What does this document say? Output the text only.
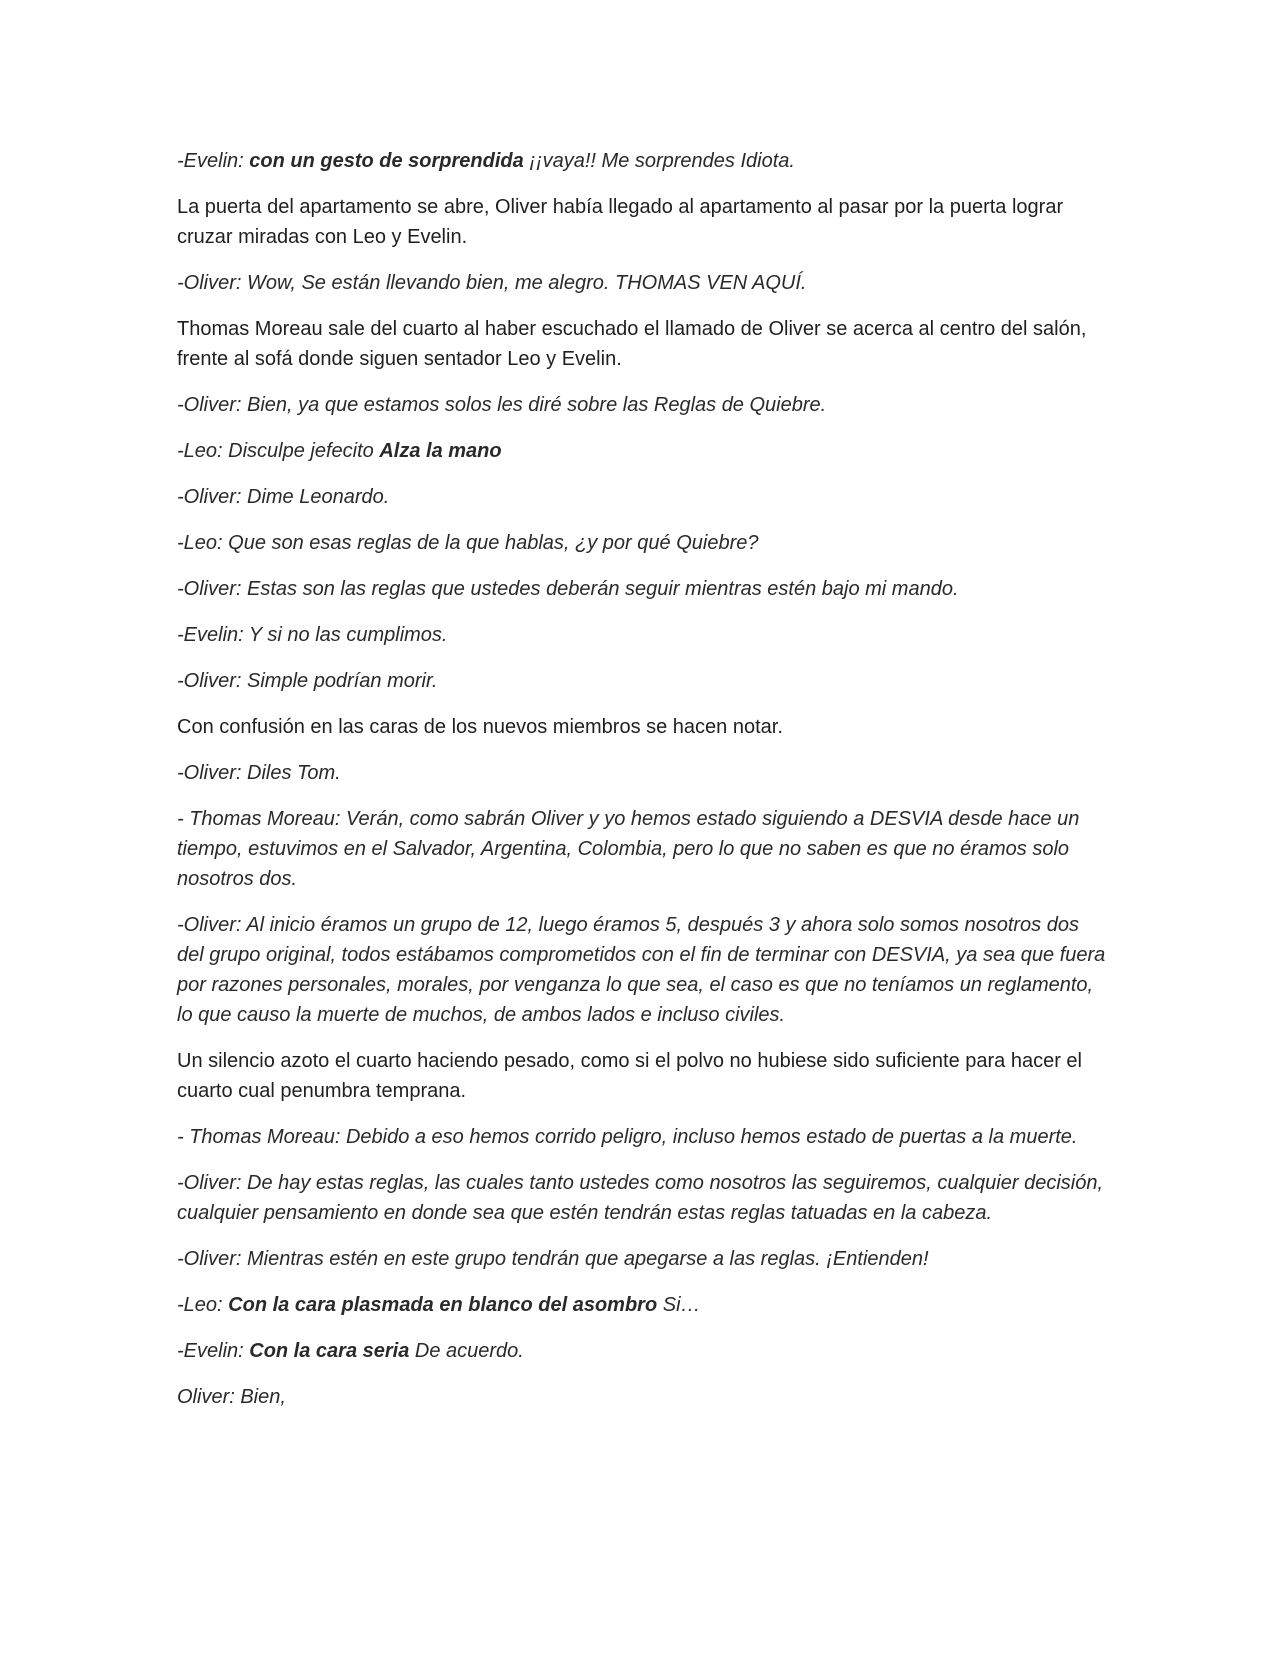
-Evelin: con un gesto de sorprendida ¡¡vaya!! Me sorprendes Idiota.

La puerta del apartamento se abre, Oliver había llegado al apartamento al pasar por la puerta lograr cruzar miradas con Leo y Evelin.

-Oliver: Wow, Se están llevando bien, me alegro. THOMAS VEN AQUÍ.

Thomas Moreau sale del cuarto al haber escuchado el llamado de Oliver se acerca al centro del salón, frente al sofá donde siguen sentador Leo y Evelin.

-Oliver: Bien, ya que estamos solos les diré sobre las Reglas de Quiebre.

-Leo: Disculpe jefecito Alza la mano

-Oliver: Dime Leonardo.

-Leo: Que son esas reglas de la que hablas, ¿y por qué Quiebre?

-Oliver: Estas son las reglas que ustedes deberán seguir mientras estén bajo mi mando.

-Evelin: Y si no las cumplimos.

-Oliver: Simple podrían morir.

Con confusión en las caras de los nuevos miembros se hacen notar.

-Oliver: Diles Tom.

- Thomas Moreau: Verán, como sabrán Oliver y yo hemos estado siguiendo a DESVIA desde hace un tiempo, estuvimos en el Salvador, Argentina, Colombia, pero lo que no saben es que no éramos solo nosotros dos.

-Oliver: Al inicio éramos un grupo de 12, luego éramos 5, después 3 y ahora solo somos nosotros dos del grupo original, todos estábamos comprometidos con el fin de terminar con DESVIA, ya sea que fuera por razones personales, morales, por venganza lo que sea, el caso es que no teníamos un reglamento, lo que causo la muerte de muchos, de ambos lados e incluso civiles.

Un silencio azoto el cuarto haciendo pesado, como si el polvo no hubiese sido suficiente para hacer el cuarto cual penumbra temprana.

- Thomas Moreau: Debido a eso hemos corrido peligro, incluso hemos estado de puertas a la muerte.

-Oliver: De hay estas reglas, las cuales tanto ustedes como nosotros las seguiremos, cualquier decisión, cualquier pensamiento en donde sea que estén tendrán estas reglas tatuadas en la cabeza.

-Oliver: Mientras estén en este grupo tendrán que apegarse a las reglas. ¡Entienden!

-Leo: Con la cara plasmada en blanco del asombro Si…

-Evelin: Con la cara seria De acuerdo.

Oliver: Bien,
